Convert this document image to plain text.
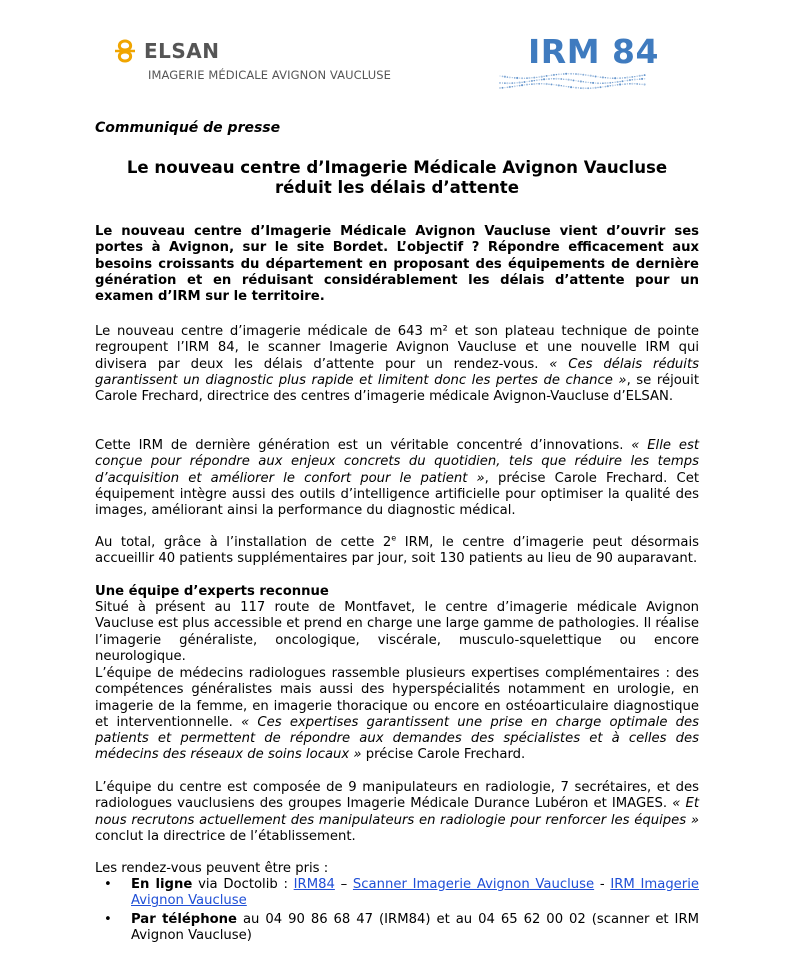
ELSAN
IMAGERIE MÉDICALE AVIGNON VAUCLUSE
IRM 84
Communiqué de presse
Le nouveau centre d’Imagerie Médicale Avignon Vaucluse
réduit les délais d’attente

Le nouveau centre d’Imagerie Médicale Avignon Vaucluse vient d’ouvrir ses portes à Avignon, sur le site Bordet. L’objectif ? Répondre efficacement aux besoins croissants du département en proposant des équipements de dernière génération et en réduisant considérablement les délais d’attente pour un examen d’IRM sur le territoire.

Le nouveau centre d’imagerie médicale de 643 m² et son plateau technique de pointe regroupent l’IRM 84, le scanner Imagerie Avignon Vaucluse et une nouvelle IRM qui divisera par deux les délais d’attente pour un rendez-vous. « Ces délais réduits garantissent un diagnostic plus rapide et limitent donc les pertes de chance », se réjouit Carole Frechard, directrice des centres d’imagerie médicale Avignon-Vaucluse d’ELSAN.

Cette IRM de dernière génération est un véritable concentré d’innovations. « Elle est conçue pour répondre aux enjeux concrets du quotidien, tels que réduire les temps d’acquisition et améliorer le confort pour le patient », précise Carole Frechard. Cet équipement intègre aussi des outils d’intelligence artificielle pour optimiser la qualité des images, améliorant ainsi la performance du diagnostic médical.

Au total, grâce à l’installation de cette 2e IRM, le centre d’imagerie peut désormais accueillir 40 patients supplémentaires par jour, soit 130 patients au lieu de 90 auparavant.

Une équipe d’experts reconnue

Situé à présent au 117 route de Montfavet, le centre d’imagerie médicale Avignon Vaucluse est plus accessible et prend en charge une large gamme de pathologies. Il réalise l’imagerie généraliste, oncologique, viscérale, musculo-squelettique ou encore neurologique.

L’équipe de médecins radiologues rassemble plusieurs expertises complémentaires : des compétences généralistes mais aussi des hyperspécialités notamment en urologie, en imagerie de la femme, en imagerie thoracique ou encore en ostéoarticulaire diagnostique et interventionnelle. « Ces expertises garantissent une prise en charge optimale des patients et permettent de répondre aux demandes des spécialistes et à celles des médecins des réseaux de soins locaux » précise Carole Frechard.

L’équipe du centre est composée de 9 manipulateurs en radiologie, 7 secrétaires, et des radiologues vauclusiens des groupes Imagerie Médicale Durance Lubéron et IMAGES. « Et nous recrutons actuellement des manipulateurs en radiologie pour renforcer les équipes » conclut la directrice de l’établissement.

Les rendez-vous peuvent être pris :
• En ligne via Doctolib : IRM84 – Scanner Imagerie Avignon Vaucluse - IRM Imagerie Avignon Vaucluse
• Par téléphone au 04 90 86 68 47 (IRM84) et au 04 65 62 00 02 (scanner et IRM Avignon Vaucluse)
